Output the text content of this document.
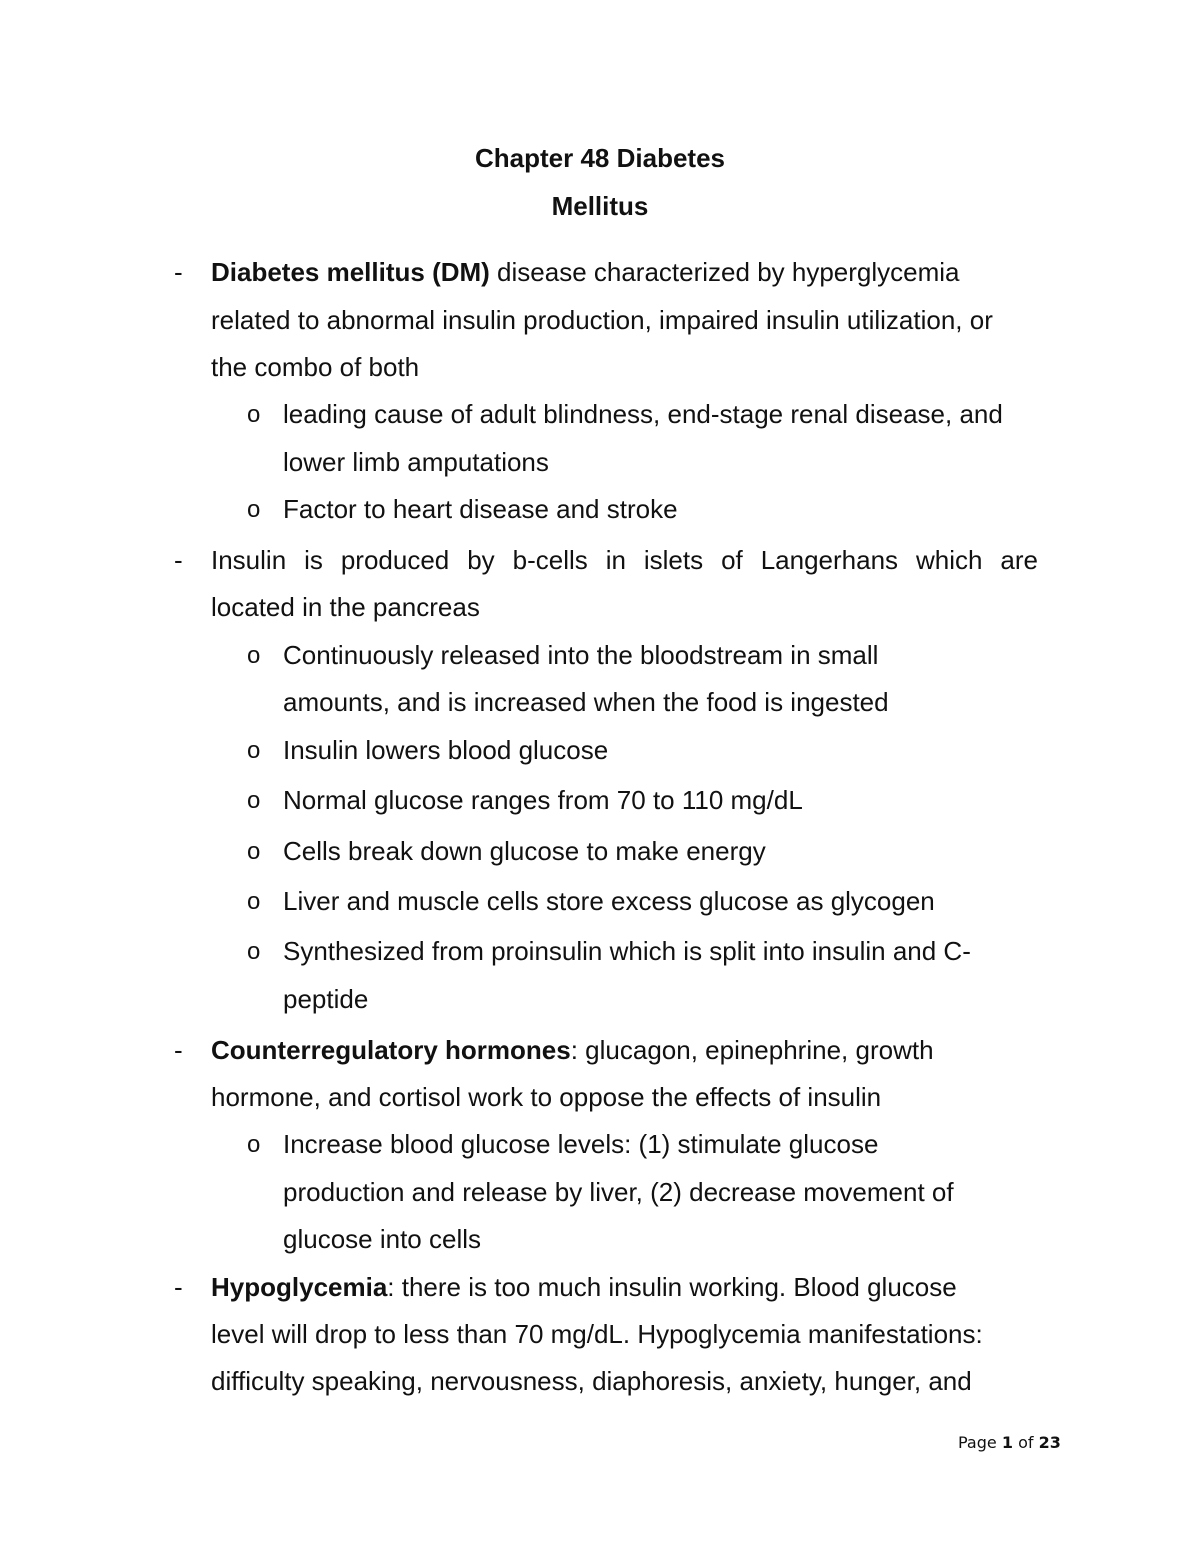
Chapter 48 Diabetes
Mellitus
- Diabetes mellitus (DM) disease characterized by hyperglycemia
related to abnormal insulin production, impaired insulin utilization, or
the combo of both
o leading cause of adult blindness, end-stage renal disease, and
lower limb amputations
o Factor to heart disease and stroke
- Insulin is produced by b-cells in islets of Langerhans which are
located in the pancreas
o Continuously released into the bloodstream in small
amounts, and is increased when the food is ingested
o Insulin lowers blood glucose
o Normal glucose ranges from 70 to 110 mg/dL
o Cells break down glucose to make energy
o Liver and muscle cells store excess glucose as glycogen
o Synthesized from proinsulin which is split into insulin and C-
peptide
- Counterregulatory hormones: glucagon, epinephrine, growth
hormone, and cortisol work to oppose the effects of insulin
o Increase blood glucose levels: (1) stimulate glucose
production and release by liver, (2) decrease movement of
glucose into cells
- Hypoglycemia: there is too much insulin working. Blood glucose
level will drop to less than 70 mg/dL. Hypoglycemia manifestations:
difficulty speaking, nervousness, diaphoresis, anxiety, hunger, and
Page 1 of 23
